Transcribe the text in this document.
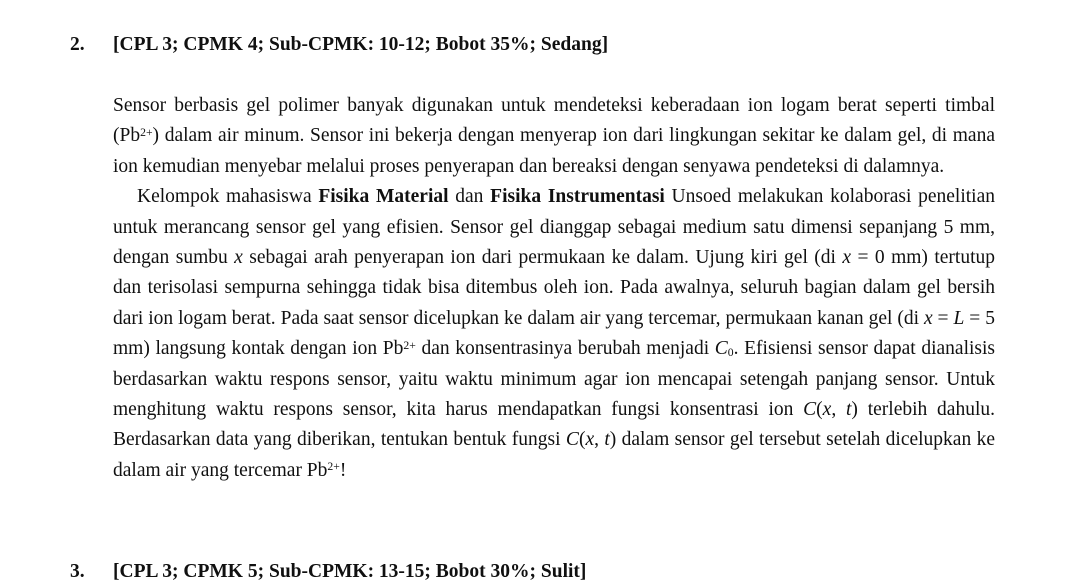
2. [CPL 3; CPMK 4; Sub-CPMK: 10-12; Bobot 35%; Sedang]

Sensor berbasis gel polimer banyak digunakan untuk mendeteksi keberadaan ion logam berat seperti timbal $(Pb^{2+})$ dalam air minum. Sensor ini bekerja dengan menyerap ion dari lingkungan sekitar ke dalam gel, di mana ion kemudian menyebar melalui proses penyerapan dan bereaksi dengan senyawa pendeteksi di dalamnya.

Kelompok mahasiswa Fisika Material dan Fisika Instrumentasi Unsoed melakukan kolaborasi penelitian untuk merancang sensor gel yang efisien. Sensor gel dianggap sebagai medium satu dimensi sepanjang 5 mm, dengan sumbu x sebagai arah penyerapan ion dari permukaan ke dalam. Ujung kiri gel (di x = 0 mm) tertutup dan terisolasi sempurna sehingga tidak bisa ditembus oleh ion. Pada awalnya, seluruh bagian dalam gel bersih dari ion logam berat. Pada saat sensor dicelupkan ke dalam air yang tercemar, permukaan kanan gel (di x = L = 5 mm) langsung kontak dengan ion $Pb^{2+}$ dan konsentrasinya berubah menjadi $C_0$. Efisiensi sensor dapat dianalisis berdasarkan waktu respons sensor, yaitu waktu minimum agar ion mencapai setengah panjang sensor. Untuk menghitung waktu respons sensor, kita harus mendapatkan fungsi konsentrasi ion C(x, t) terlebih dahulu. Berdasarkan data yang diberikan, tentukan bentuk fungsi C(x, t) dalam sensor gel tersebut setelah dicelupkan ke dalam air yang tercemar $Pb^{2+}$!

3. [CPL 3; CPMK 5; Sub-CPMK: 13-15; Bobot 30%; Sulit]
